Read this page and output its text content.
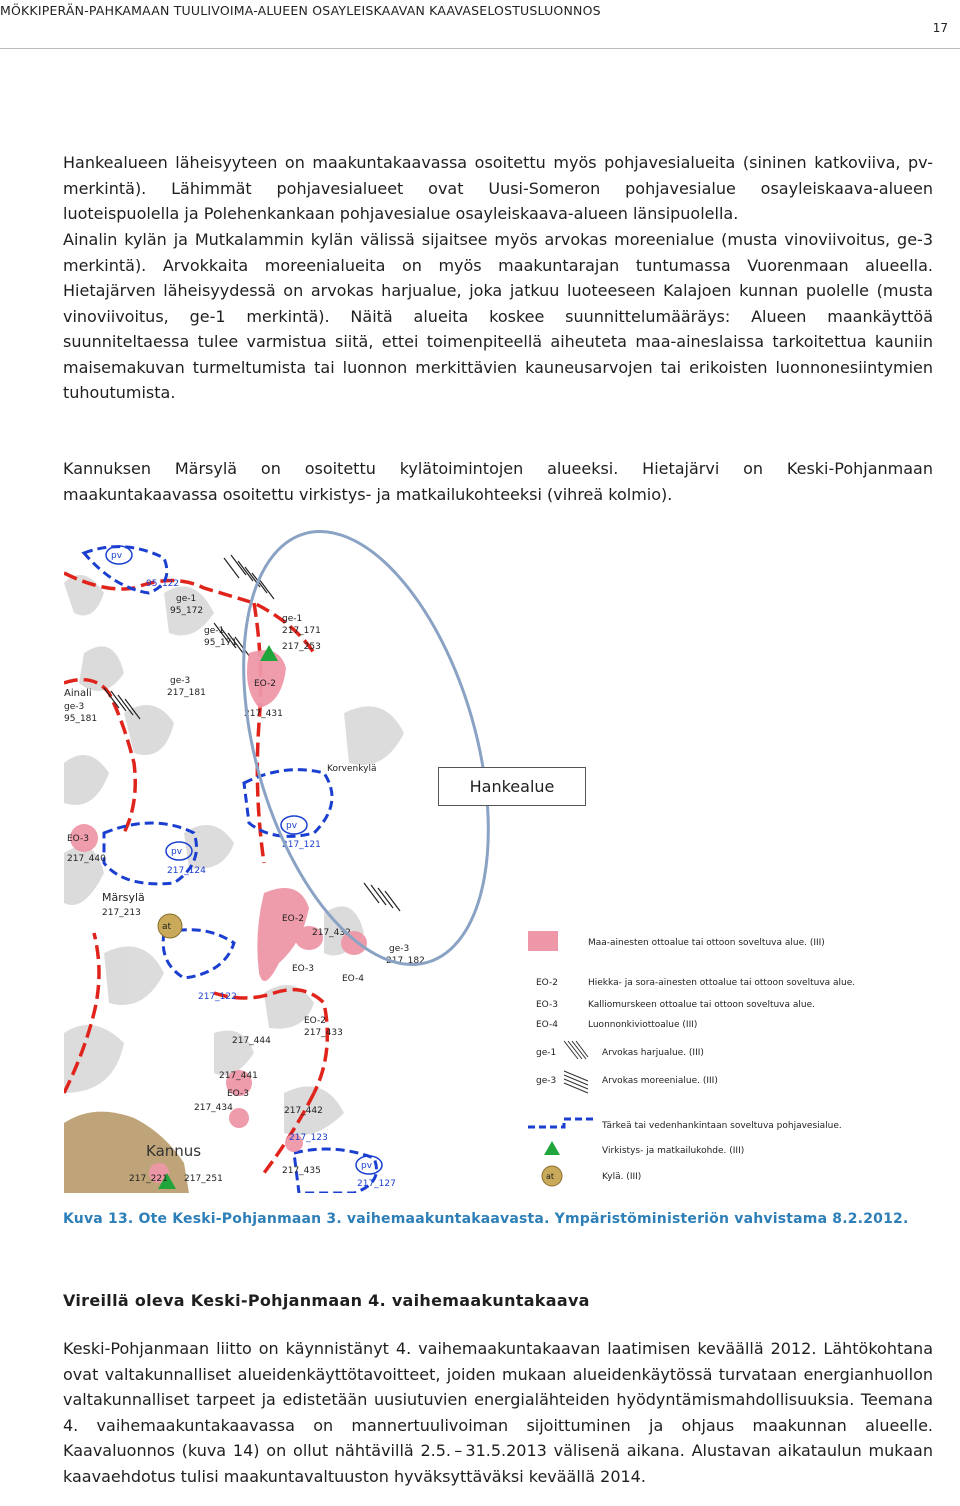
MÖKKIPERÄN-PAHKAMAAN TUULIVOIMA-ALUEEN OSAYLEISKAAVAN KAAVASELOSTUSLUONNOS
17
Hankealueen läheisyyteen on maakuntakaavassa osoitettu myös pohjavesialueita (sininen katkoviiva, pv-merkintä). Lähimmät pohjavesialueet ovat Uusi-Someron pohjavesialue osayleiskaava-alueen luoteispuolella ja Polehenkankaan pohjavesialue osayleiskaava-alueen länsipuolella.
Ainalin kylän ja Mutkalammin kylän välissä sijaitsee myös arvokas moreenialue (musta vinoviivoitus, ge-3 merkintä). Arvokkaita moreenialueita on myös maakuntarajan tuntumassa Vuorenmaan alueella. Hietajärven läheisyydessä on arvokas harjualue, joka jatkuu luoteeseen Kalajoen kunnan puolelle (musta vinoviivoitus, ge-1 merkintä). Näitä alueita koskee suunnittelumääräys: Alueen maankäyttöä suunniteltaessa tulee varmistua siitä, ettei toimenpiteellä aiheuteta maa-aineslaissa tarkoitettua kauniin maisemakuvan turmeltumista tai luonnon merkittävien kauneusarvojen tai erikoisten luonnonesiintymien tuhoutumista.
Kannuksen Märsylä on osoitettu kylätoimintojen alueeksi. Hietajärvi on Keski-Pohjanmaan maakuntakaavassa osoitettu virkistys- ja matkailukohteeksi (vihreä kolmio).
pv
95_122
pv
217_121
pv
217_124
217_122
217_123
pv
217_127
ge-1
95_172
ge-1
217_171
ge-1
95_171	217_253
EO-2
ge-3
217_181
Ainali
ge-3
95_181	217_431
Korvenkylä
EO-3
217_440
Märsylä
217_213
at
EO-2
217_432
ge-3
217_182
EO-3
EO-4
EO-2
217_433
217_444
217_441
EO-3
217_434	217_442
Kannus
217_435
217_221 217_251
Hankealue
Maa-ainesten ottoalue tai ottoon soveltuva alue. (III)
EO-2	Hiekka- ja sora-ainesten ottoalue tai ottoon soveltuva alue.
EO-3	Kalliomurskeen ottoalue tai ottoon soveltuva alue.
EO-4	Luonnonkiviottoalue (III)
ge-1	Arvokas harjualue. (III)
ge-3	Arvokas moreenialue. (III)
Tärkeä tai vedenhankintaan soveltuva pohjavesialue.
Virkistys- ja matkailukohde. (III)
at	Kylä. (III)
Kuva 13. Ote Keski-Pohjanmaan 3. vaihemaakuntakaavasta. Ympäristöministeriön vahvistama 8.2.2012.
Vireillä oleva Keski-Pohjanmaan 4. vaihemaakuntakaava
Keski-Pohjanmaan liitto on käynnistänyt 4. vaihemaakuntakaavan laatimisen keväällä 2012. Lähtökohtana ovat valtakunnalliset alueidenkäyttötavoitteet, joiden mukaan alueidenkäytössä turvataan energianhuollon valtakunnalliset tarpeet ja edistetään uusiutuvien energialähteiden hyödyntämismahdollisuuksia. Teemana 4. vaihemaakuntakaavassa on mannertuulivoiman sijoittuminen ja ohjaus maakunnan alueelle. Kaavaluonnos (kuva 14) on ollut nähtävillä 2.5. – 31.5.2013 välisenä aikana. Alustavan aikataulun mukaan kaavaehdotus tulisi maakuntavaltuuston hyväksyttäväksi keväällä 2014.
